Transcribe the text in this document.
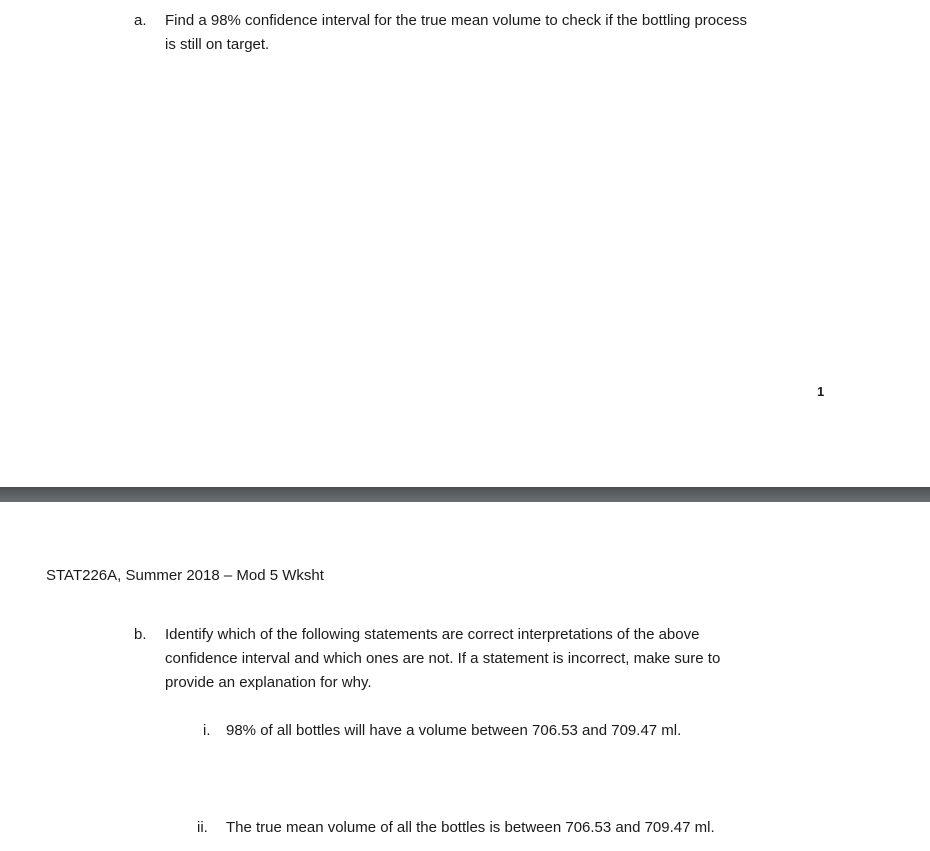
a. Find a 98% confidence interval for the true mean volume to check if the bottling process
is still on target.
1
STAT226A, Summer 2018 – Mod 5 Wksht
b. Identify which of the following statements are correct interpretations of the above
confidence interval and which ones are not. If a statement is incorrect, make sure to
provide an explanation for why.
i. 98% of all bottles will have a volume between 706.53 and 709.47 ml.
ii. The true mean volume of all the bottles is between 706.53 and 709.47 ml.
